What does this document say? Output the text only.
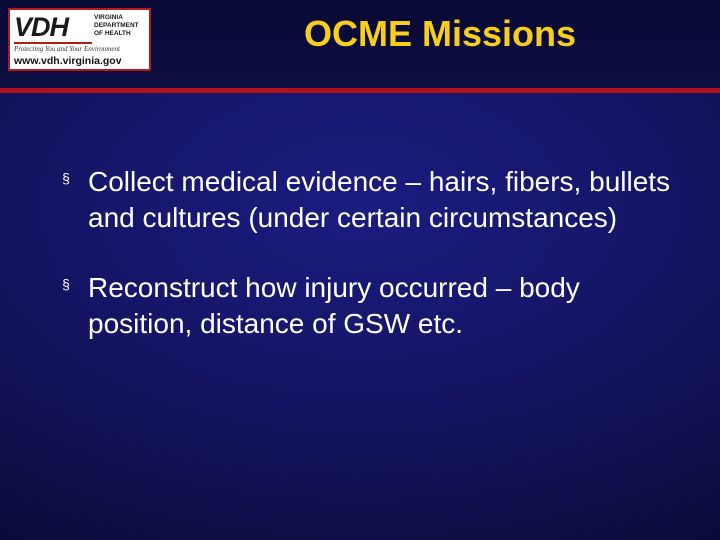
VDH	VIRGINIA
DEPARTMENT
OF HEALTH
Protecting You and Your Environment
www.vdh.virginia.gov
OCME Missions
§ Collect medical evidence – hairs, fibers, bullets and cultures (under certain circumstances)
§ Reconstruct how injury occurred – body position, distance of GSW etc.
